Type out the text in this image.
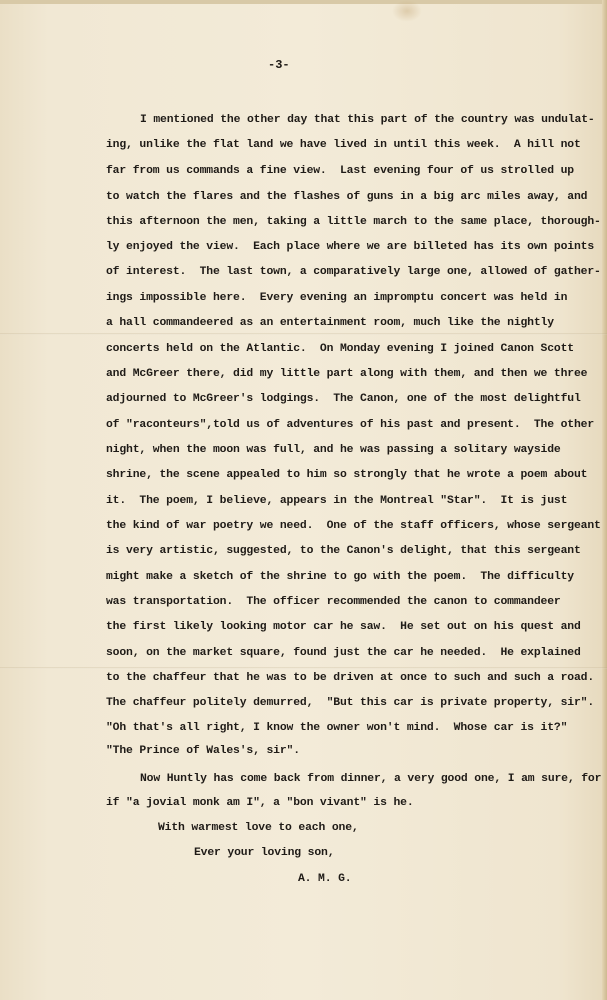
-3-

I mentioned the other day that this part of the country was undulat-

ing, unlike the flat land we have lived in until this week.  A hill not

far from us commands a fine view.  Last evening four of us strolled up

to watch the flares and the flashes of guns in a big arc miles away, and

this afternoon the men, taking a little march to the same place, thorough-

ly enjoyed the view.  Each place where we are billeted has its own points

of interest.  The last town, a comparatively large one, allowed of gather-

ings impossible here.  Every evening an impromptu concert was held in

a hall commandeered as an entertainment room, much like the nightly

concerts held on the Atlantic.  On Monday evening I joined Canon Scott

and McGreer there, did my little part along with them, and then we three

adjourned to McGreer's lodgings.  The Canon, one of the most delightful

of "raconteurs",told us of adventures of his past and present.  The other

night, when the moon was full, and he was passing a solitary wayside

shrine, the scene appealed to him so strongly that he wrote a poem about

it.  The poem, I believe, appears in the Montreal "Star".  It is just

the kind of war poetry we need.  One of the staff officers, whose sergeant

is very artistic, suggested, to the Canon's delight, that this sergeant

might make a sketch of the shrine to go with the poem.  The difficulty

was transportation.  The officer recommended the canon to commandeer

the first likely looking motor car he saw.  He set out on his quest and

soon, on the market square, found just the car he needed.  He explained

to the chaffeur that he was to be driven at once to such and such a road.

The chaffeur politely demurred,  "But this car is private property, sir".

"Oh that's all right, I know the owner won't mind.  Whose car is it?"

"The Prince of Wales's, sir".

Now Huntly has come back from dinner, a very good one, I am sure, for

if "a jovial monk am I", a "bon vivant" is he.

With warmest love to each one,

Ever your loving son,

A. M. G.
